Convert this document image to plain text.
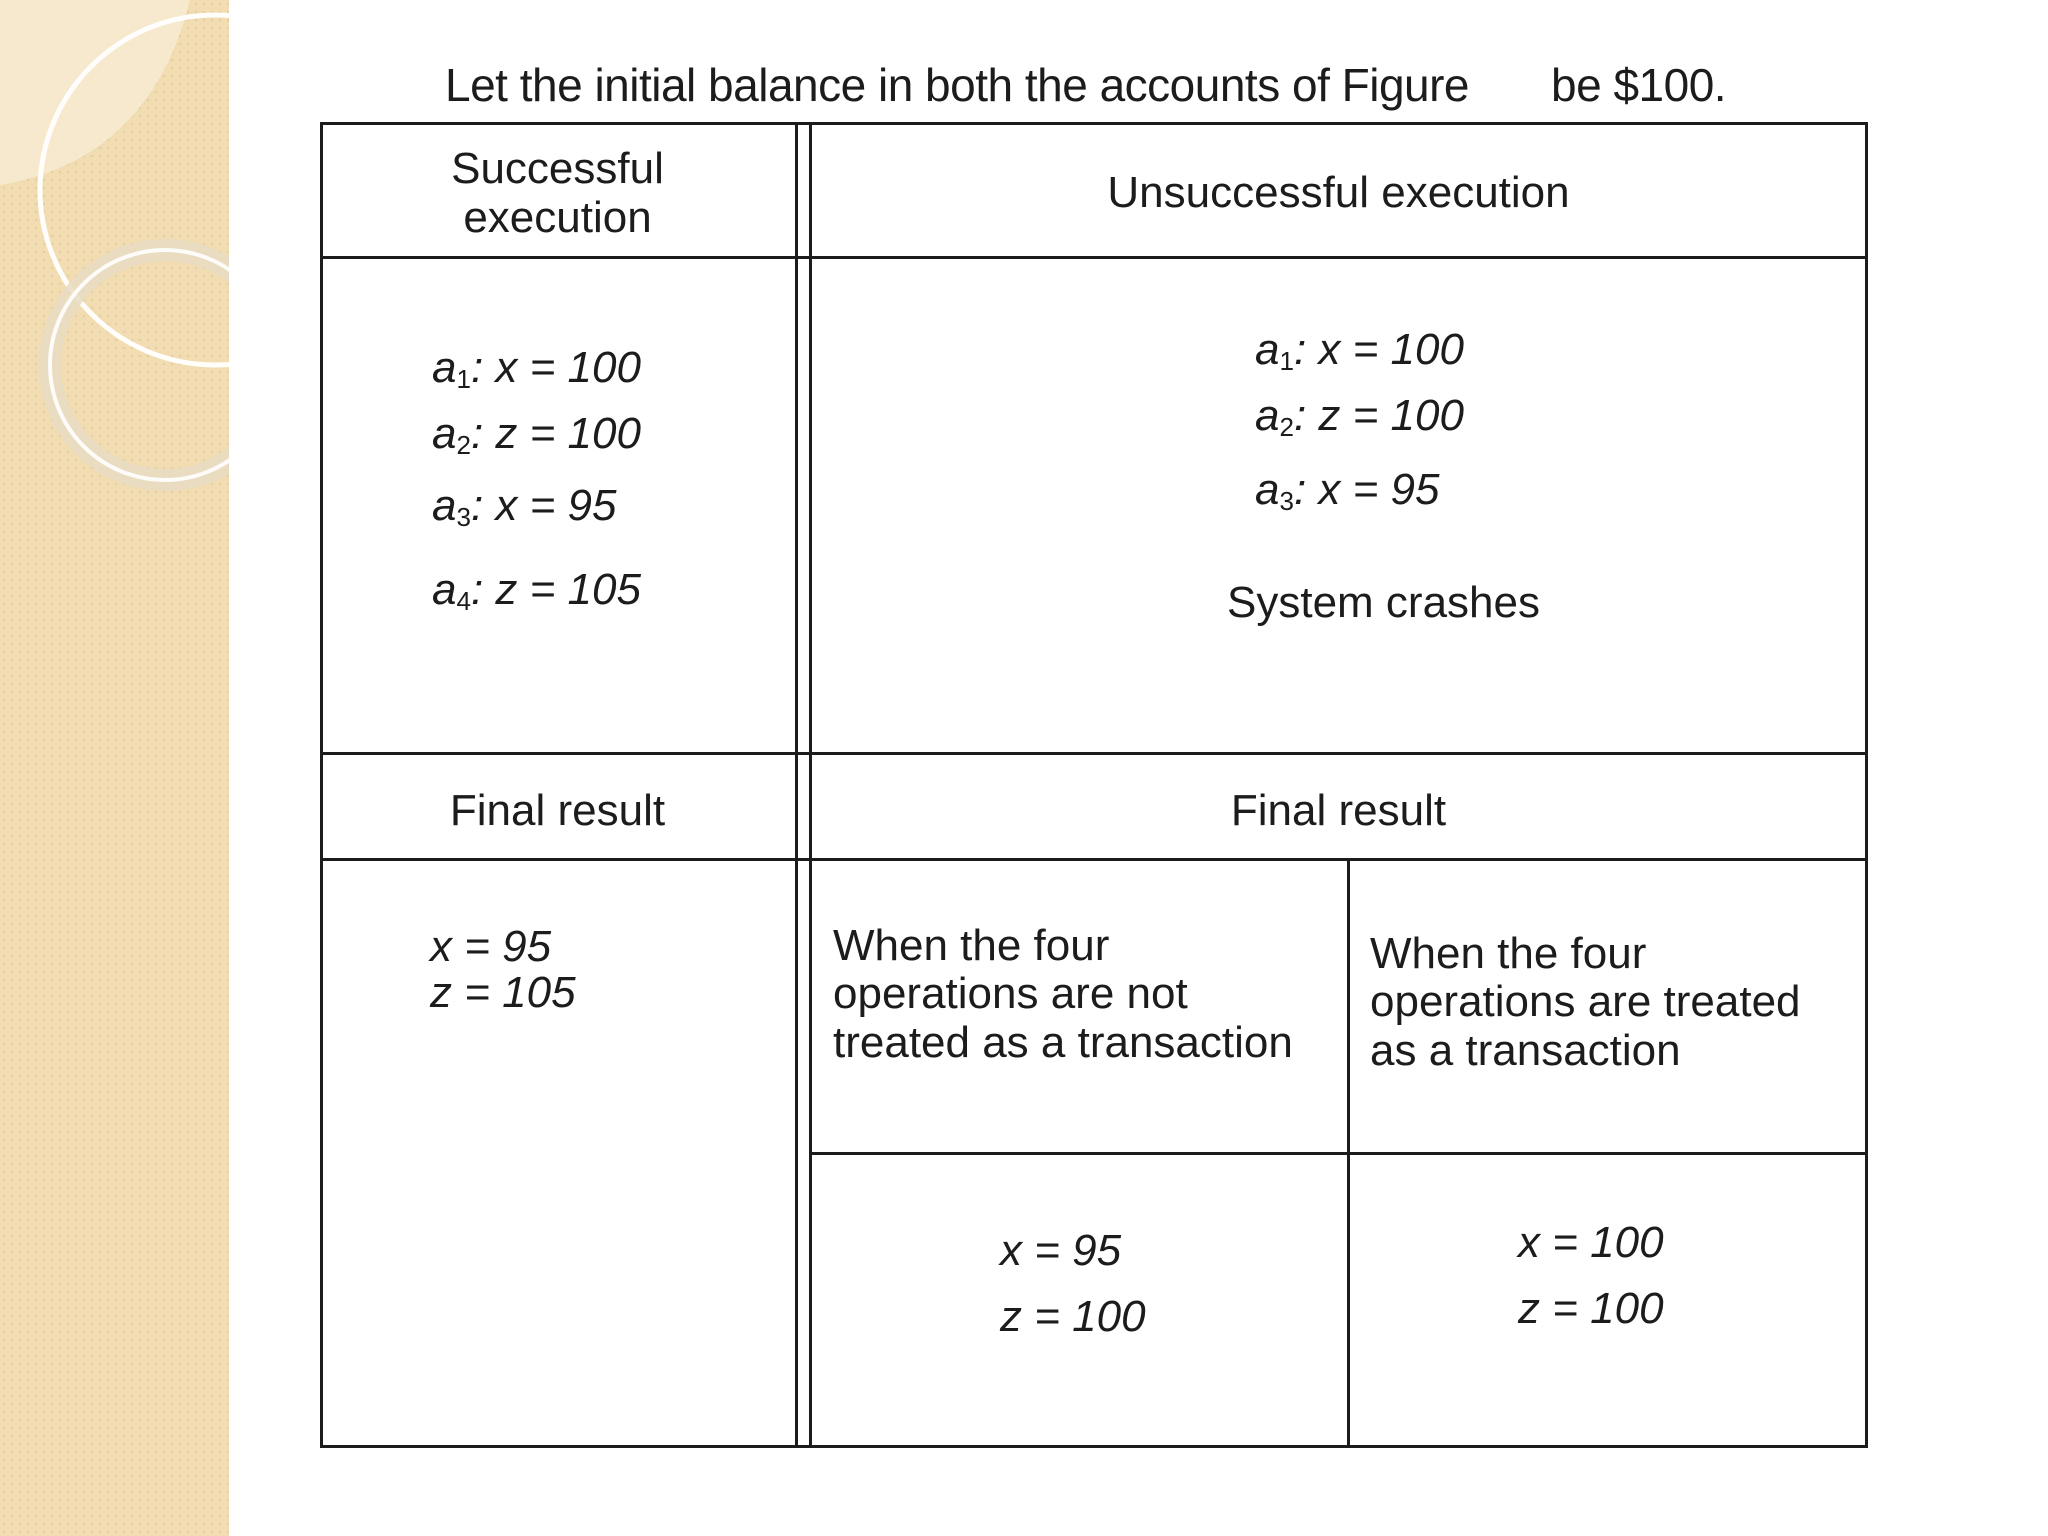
Let the initial balance in both the accounts of Figure be $100.
Successful
execution
Unsuccessful execution
$a_1$: x = 100
$a_2$: z = 100
$a_3$: x = 95
$a_4$: z = 105
$a_1$: x = 100
$a_2$: z = 100
$a_3$: x = 95
System crashes
Final result	Final result
x = 95
z = 105
When the four
operations are not
treated as a transaction
When the four
operations are treated
as a transaction
x = 95
z = 100
x = 100
z = 100
